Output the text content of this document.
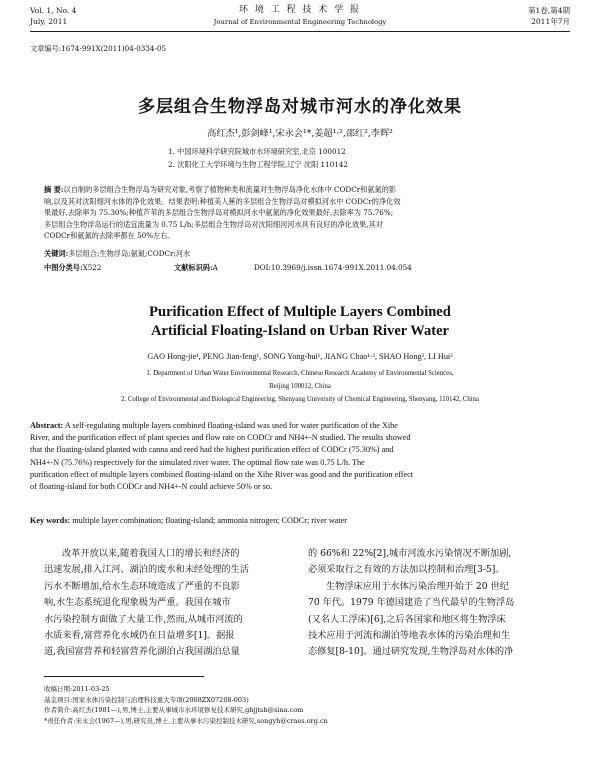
Vol. 1, No. 4
July, 2011
环 境 工 程 技 术 学 报
Journal of Environmental Engineering Technology
第1卷,第4期
2011年7月
文章编号:1674-991X(2011)04-0334-05
多层组合生物浮岛对城市河水的净化效果
高红杰¹,彭剑峰¹,宋永会¹*,姜超¹·²,邵红²,李辉²
1. 中国环境科学研究院城市水环境研究室,北京 100012
2. 沈阳化工大学环境与生物工程学院,辽宁 沈阳 110142
摘 要:以自制的多层组合生物浮岛为研究对象,考察了植物种类和流量对生物浮岛净化水体中 CODCr和氨氮的影
响,以及其对沈阳细河水体的净化效果。结果表明:种植美人蕉的多层组合生物浮岛对模拟河水中 CODCr的净化效
果最好,去除率为 75.30%;种植芦苇的多层组合生物浮岛对模拟河水中氨氮的净化效果最好,去除率为 75.76%;
多层组合生物浮岛运行的适宜流量为 0.75 L/h;多层组合生物浮岛对沈阳细河河水具有良好的净化效果,其对
CODCr和氨氮的去除率都在 50%左右。
关键词:多层组合;生物浮岛;氨氮;CODCr;河水
中图分类号:X522	文献标识码:A	DOI:10.3969/j.issn.1674-991X.2011.04.054
Purification Effect of Multiple Layers Combined
Artificial Floating-Island on Urban River Water
GAO Hong-jie¹, PENG Jian-feng¹, SONG Yong-hui¹, JIANG Chao¹·², SHAO Hong², LI Hui²
1. Department of Urban Water Environmental Research, Chinese Research Academy of Environmental Sciences,
Beijing 100012, China
2. College of Environmental and Biological Engineering, Shenyang University of Chemical Engineering, Shenyang, 110142, China
Abstract: A self-regulating multiple layers combined floating-island was used for water purification of the Xihe
River, and the purification effect of plant species and flow rate on CODCr and NH4+-N studied. The results showed
that the floating-island planted with canna and reed had the highest purification effect of CODCr (75.30%) and
NH4+-N (75.76%) respectively for the simulated river water. The optimal flow rate was 0.75 L/h. The
purification effect of multiple layers combined floating-island on the Xihe River was good and the purification effect
of floating-island for both CODCr and NH4+-N could achieve 50% or so.
Key words: multiple layer combination; floating-island; ammonia nitrogen; CODCr; river water
改革开放以来,随着我国人口的增长和经济的
迅速发展,排入江河、湖泊的废水和未经处理的生活
污水不断增加,给水生态环境造成了严重的不良影
响,水生态系统退化现象极为严重。我国在城市
水污染控制方面做了大量工作,然而,从城市河流的
水质来看,富营养化水域仍在日益增多[1]。据报
道,我国富营养和轻富营养化湖泊占我国湖泊总量
的 66%和 22%[2],城市河流水污染情况不断加剧,
必须采取行之有效的方法加以控制和治理[3-5]。
生物浮床应用于水体污染治理开始于 20 世纪
70 年代。1979 年德国建造了当代最早的生物浮岛
(又名人工浮床)[6],之后各国家和地区将生物浮床
技术应用于河流和湖泊等地表水体的污染治理和生
态修复[8-10]。通过研究发现,生物浮岛对水体的净
收稿日期:2011-03-25
基金项目:国家水体污染控制与治理科技重大专项(2008ZX07208-003)
作者简介:高红杰(1981—),男,博士,主要从事城市水环境修复技术研究,ghjjtsh@sina.com
*责任作者:宋永会(1967—),男,研究员,博士,主要从事水污染控制技术研究,songyh@craes.org.cn
